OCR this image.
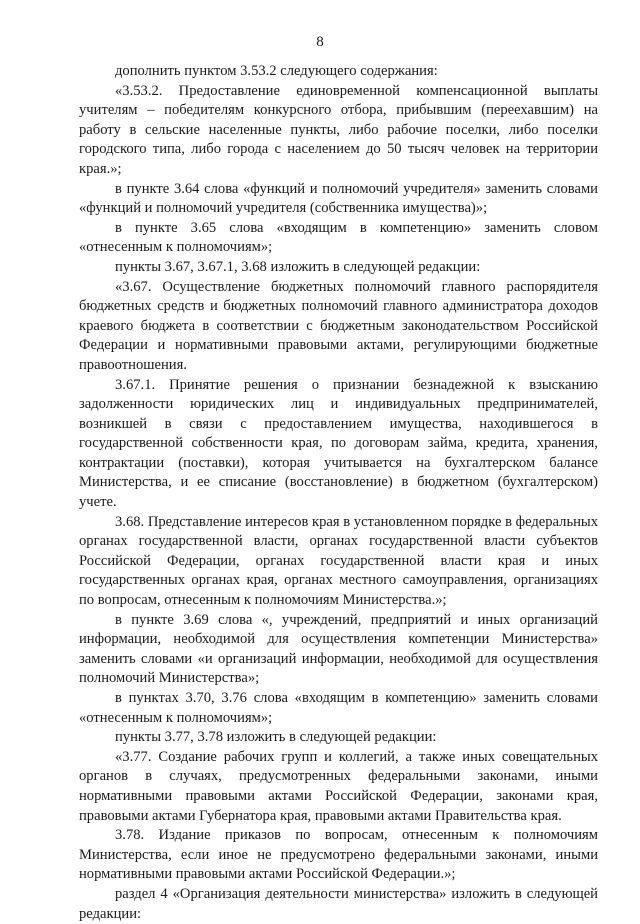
8

дополнить пунктом 3.53.2 следующего содержания:

«3.53.2. Предоставление единовременной компенсационной выплаты учителям – победителям конкурсного отбора, прибывшим (переехавшим) на работу в сельские населенные пункты, либо рабочие поселки, либо поселки городского типа, либо города с населением до 50 тысяч человек на территории края.»;

в пункте 3.64 слова «функций и полномочий учредителя» заменить словами «функций и полномочий учредителя (собственника имущества)»;

в пункте 3.65 слова «входящим в компетенцию» заменить словом «отнесенным к полномочиям»;

пункты 3.67, 3.67.1, 3.68 изложить в следующей редакции:

«3.67. Осуществление бюджетных полномочий главного распорядителя бюджетных средств и бюджетных полномочий главного администратора доходов краевого бюджета в соответствии с бюджетным законодательством Российской Федерации и нормативными правовыми актами, регулирующими бюджетные правоотношения.

3.67.1. Принятие решения о признании безнадежной к взысканию задолженности юридических лиц и индивидуальных предпринимателей, возникшей в связи с предоставлением имущества, находившегося в государственной собственности края, по договорам займа, кредита, хранения, контрактации (поставки), которая учитывается на бухгалтерском балансе Министерства, и ее списание (восстановление) в бюджетном (бухгалтерском) учете.

3.68. Представление интересов края в установленном порядке в федеральных органах государственной власти, органах государственной власти субъектов Российской Федерации, органах государственной власти края и иных государственных органах края, органах местного самоуправления, организациях по вопросам, отнесенным к полномочиям Министерства.»;

в пункте 3.69 слова «, учреждений, предприятий и иных организаций информации, необходимой для осуществления компетенции Министерства» заменить словами «и организаций информации, необходимой для осуществления полномочий Министерства»;

в пунктах 3.70, 3.76 слова «входящим в компетенцию» заменить словами «отнесенным к полномочиям»;

пункты 3.77, 3.78 изложить в следующей редакции:

«3.77. Создание рабочих групп и коллегий, а также иных совещательных органов в случаях, предусмотренных федеральными законами, иными нормативными правовыми актами Российской Федерации, законами края, правовыми актами Губернатора края, правовыми актами Правительства края.

3.78. Издание приказов по вопросам, отнесенным к полномочиям Министерства, если иное не предусмотрено федеральными законами, иными нормативными правовыми актами Российской Федерации.»;

раздел 4 «Организация деятельности министерства» изложить в следующей редакции:
